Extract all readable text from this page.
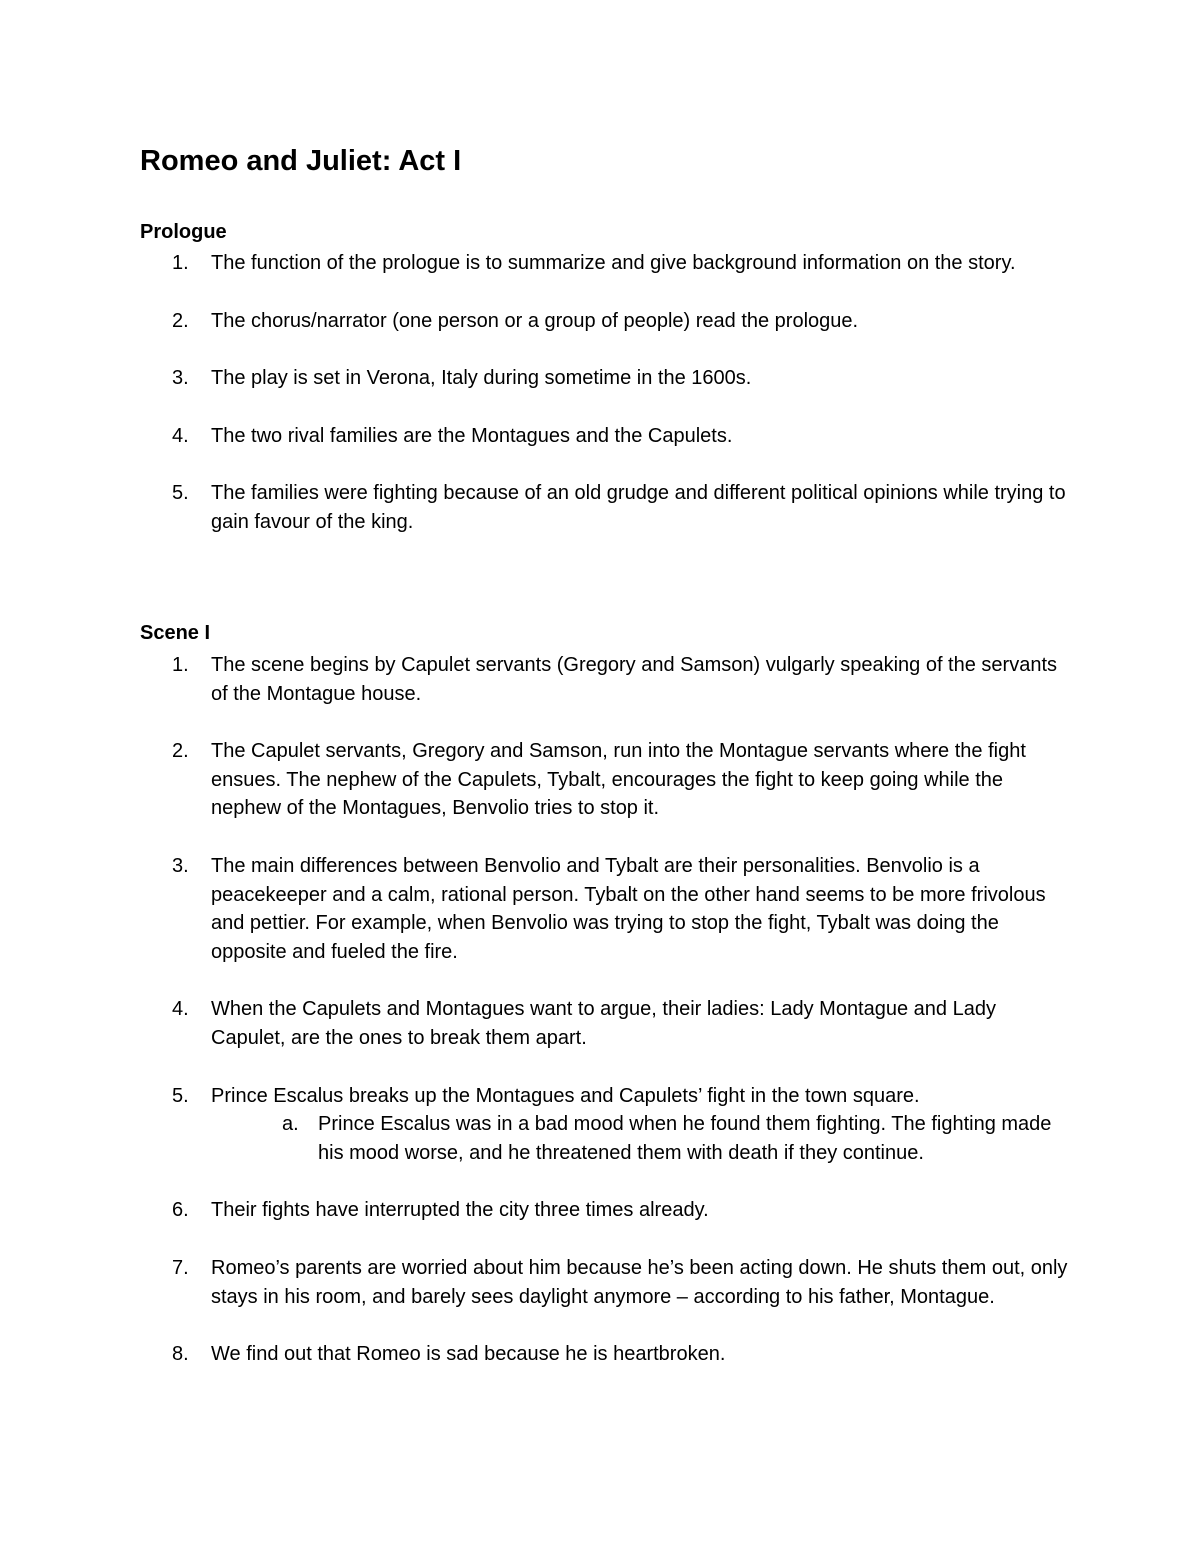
Romeo and Juliet: Act I
Prologue
1.	The function of the prologue is to summarize and give background information on the story.
2.	The chorus/narrator (one person or a group of people) read the prologue.
3.	The play is set in Verona, Italy during sometime in the 1600s.
4.	The two rival families are the Montagues and the Capulets.
5.	The families were fighting because of an old grudge and different political opinions while trying to gain favour of the king.
Scene I
1.	The scene begins by Capulet servants (Gregory and Samson) vulgarly speaking of the servants of the Montague house.
2.	The Capulet servants, Gregory and Samson, run into the Montague servants where the fight ensues. The nephew of the Capulets, Tybalt, encourages the fight to keep going while the nephew of the Montagues, Benvolio tries to stop it.
3.	The main differences between Benvolio and Tybalt are their personalities. Benvolio is a peacekeeper and a calm, rational person. Tybalt on the other hand seems to be more frivolous and pettier. For example, when Benvolio was trying to stop the fight, Tybalt was doing the opposite and fueled the fire.
4.	When the Capulets and Montagues want to argue, their ladies: Lady Montague and Lady Capulet, are the ones to break them apart.
5.	Prince Escalus breaks up the Montagues and Capulets’ fight in the town square.
a. Prince Escalus was in a bad mood when he found them fighting. The fighting made his mood worse, and he threatened them with death if they continue.
6.	Their fights have interrupted the city three times already.
7.	Romeo’s parents are worried about him because he’s been acting down. He shuts them out, only stays in his room, and barely sees daylight anymore – according to his father, Montague.
8.	We find out that Romeo is sad because he is heartbroken.
